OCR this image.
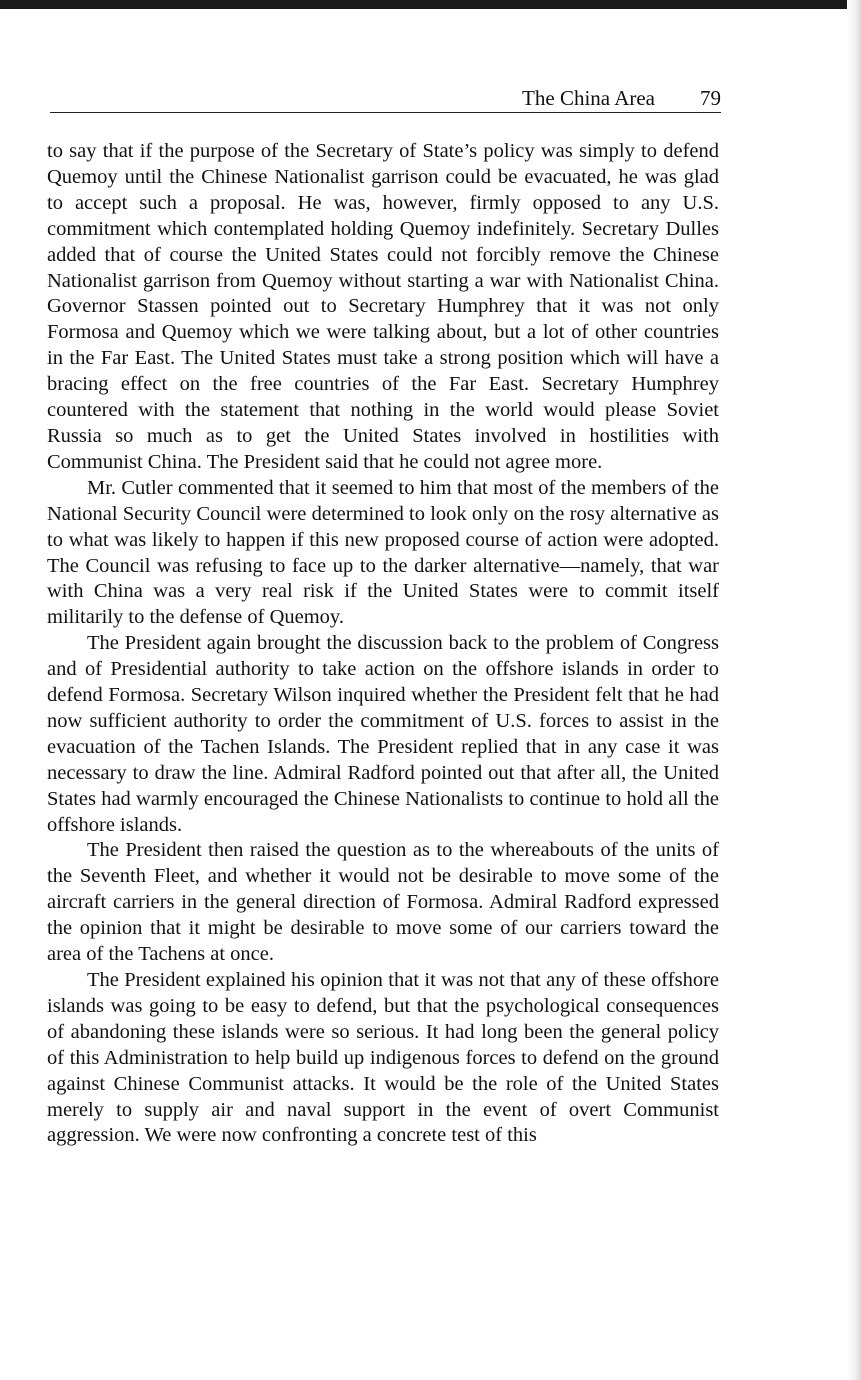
The China Area 79

to say that if the purpose of the Secretary of State’s policy was simply to defend Quemoy until the Chinese Nationalist garrison could be evacuated, he was glad to accept such a proposal. He was, however, firmly opposed to any U.S. commitment which contemplated holding Quemoy indefinitely. Secretary Dulles added that of course the United States could not forcibly remove the Chinese Nationalist garrison from Quemoy without starting a war with Nationalist China. Governor Stassen pointed out to Secretary Humphrey that it was not only Formosa and Quemoy which we were talking about, but a lot of other countries in the Far East. The United States must take a strong position which will have a bracing effect on the free countries of the Far East. Secretary Humphrey countered with the statement that nothing in the world would please Soviet Russia so much as to get the United States involved in hostilities with Communist China. The President said that he could not agree more.

Mr. Cutler commented that it seemed to him that most of the members of the National Security Council were determined to look only on the rosy alternative as to what was likely to happen if this new proposed course of action were adopted. The Council was refusing to face up to the darker alternative—namely, that war with China was a very real risk if the United States were to commit itself militarily to the defense of Quemoy.

The President again brought the discussion back to the problem of Congress and of Presidential authority to take action on the offshore islands in order to defend Formosa. Secretary Wilson inquired whether the President felt that he had now sufficient authority to order the commitment of U.S. forces to assist in the evacuation of the Tachen Islands. The President replied that in any case it was necessary to draw the line. Admiral Radford pointed out that after all, the United States had warmly encouraged the Chinese Nationalists to continue to hold all the offshore islands.

The President then raised the question as to the whereabouts of the units of the Seventh Fleet, and whether it would not be desirable to move some of the aircraft carriers in the general direction of Formosa. Admiral Radford expressed the opinion that it might be desirable to move some of our carriers toward the area of the Tachens at once.

The President explained his opinion that it was not that any of these offshore islands was going to be easy to defend, but that the psychological consequences of abandoning these islands were so serious. It had long been the general policy of this Administration to help build up indigenous forces to defend on the ground against Chinese Communist attacks. It would be the role of the United States merely to supply air and naval support in the event of overt Communist aggression. We were now confronting a concrete test of this
